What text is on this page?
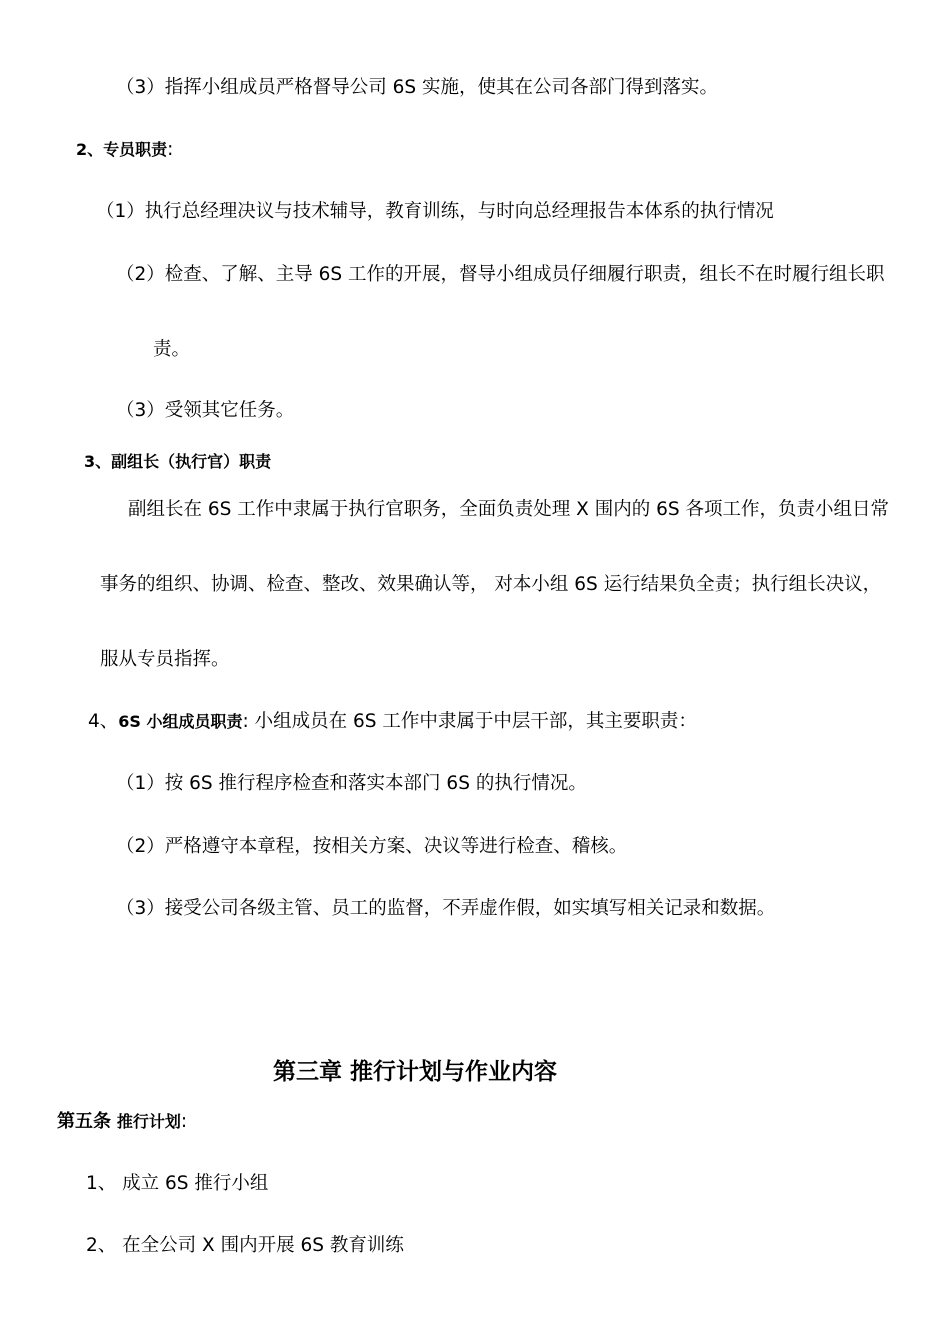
（3）指挥小组成员严格督导公司 6S 实施，使其在公司各部门得到落实。
2、专员职责:
（1）执行总经理决议与技术辅导，教育训练，与时向总经理报告本体系的执行情况
（2）检查、了解、主导 6S 工作的开展，督导小组成员仔细履行职责，组长不在时履行组长职
责。
（3）受领其它任务。
3、副组长（执行官）职责
副组长在 6S 工作中隶属于执行官职务，全面负责处理 X 围内的 6S 各项工作，负责小组日常
事务的组织、协调、检查、整改、效果确认等， 对本小组 6S 运行结果负全责；执行组长决议，
服从专员指挥。
4、6S 小组成员职责: 小组成员在 6S 工作中隶属于中层干部，其主要职责：
（1）按 6S 推行程序检查和落实本部门 6S 的执行情况。
（2）严格遵守本章程，按相关方案、决议等进行检查、稽核。
（3）接受公司各级主管、员工的监督，不弄虚作假，如实填写相关记录和数据。
第三章 推行计划与作业内容
第五条 推行计划:
1、 成立 6S 推行小组
2、 在全公司 X 围内开展 6S 教育训练
